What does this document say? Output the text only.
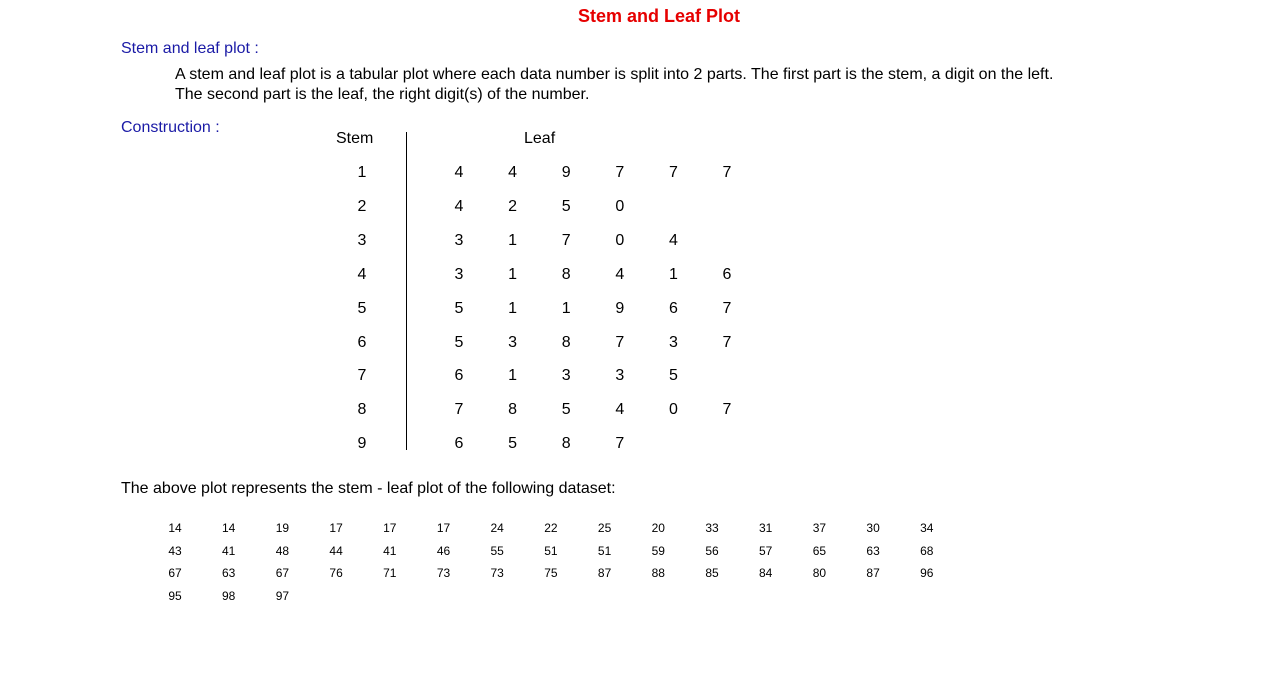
Stem and Leaf Plot
Stem and leaf plot :
A stem and leaf plot is a tabular plot where each data number is split into 2 parts. The first part is the stem, a digit on the left.
The second part is the leaf, the right digit(s) of the number.
Construction :
Stem	Leaf
1	4	4	9	7	7	7
2	4	2	5	0
3	3	1	7	0	4
4	3	1	8	4	1	6
5	5	1	1	9	6	7
6	5	3	8	7	3	7
7	6	1	3	3	5
8	7	8	5	4	0	7
9	6	5	8	7
The above plot represents the stem - leaf plot of the following dataset:
14	14	19	17	17	17	24	22	25	20	33	31	37	30	34
43	41	48	44	41	46	55	51	51	59	56	57	65	63	68
67	63	67	76	71	73	73	75	87	88	85	84	80	87	96
95	98	97
